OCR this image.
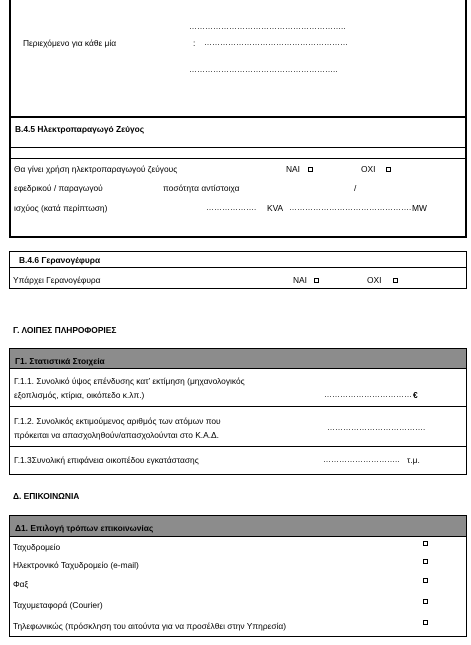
Περιεχόμενο για κάθε μία	:
…………………………………………………..
………………………………………………
………………………………………………..
B.4.5 Ηλεκτροπαραγωγό Ζεύγος
Θα γίνει χρήση ηλεκτροπαραγωγού ζεύγους	ΝΑΙ	ΟΧΙ
εφεδρικού / παραγωγού	ποσότητα αντίστοιχα	/
ισχύος (κατά περίπτωση)	………………. KVA ………………………………………. MW
B.4.6 Γερανογέφυρα
Υπάρχει Γερανογέφυρα	ΝΑΙ	ΟΧΙ
Γ. ΛΟΙΠΕΣ ΠΛΗΡΟΦΟΡΙΕΣ
Γ1. Στατιστικά Στοιχεία
Γ.1.1. Συνολικό ύψος επένδυσης κατ’ εκτίμηση (μηχανολογικός
εξοπλισμός, κτίρια, οικόπεδο κ.λπ.)	…………………………… €
Γ.1.2. Συνολικός εκτιμούμενος αριθμός των ατόμων που
πρόκειται να απασχοληθούν/απασχολούνται στο Κ.Α.Δ.
……………………………….
Γ.1.3Συνολική επιφάνεια οικοπέδου εγκατάστασης	……………………….. τ.μ.
Δ. ΕΠΙΚΟΙΝΩΝΙΑ
Δ1. Επιλογή τρόπων επικοινωνίας
Ταχυδρομείο
Ηλεκτρονικό Ταχυδρομείο (e-mail)
Φαξ
Ταχυμεταφορά (Courier)
Τηλεφωνικώς (πρόσκληση του αιτούντα για να προσέλθει στην Υπηρεσία)
